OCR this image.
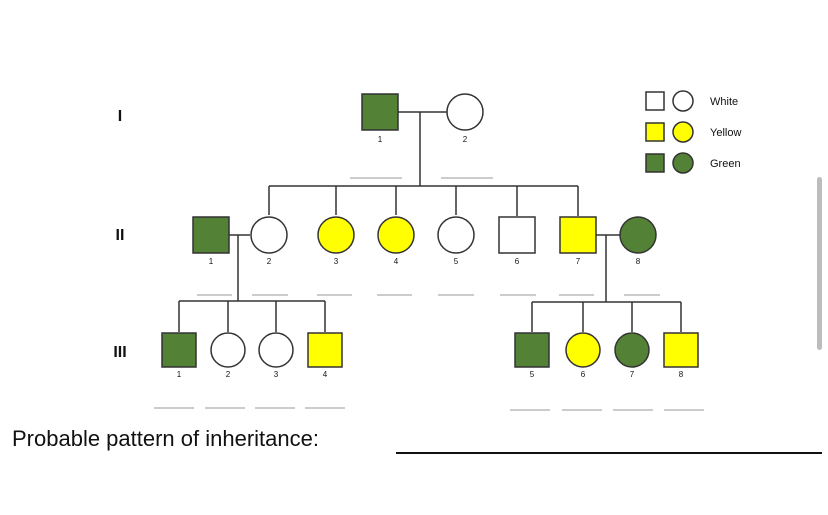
I
II
III
1	2
1	2	3	4	5	6	7	8
1	2	3	4	5	6	7	8
White
Yellow
Green
Probable pattern of inheritance:
